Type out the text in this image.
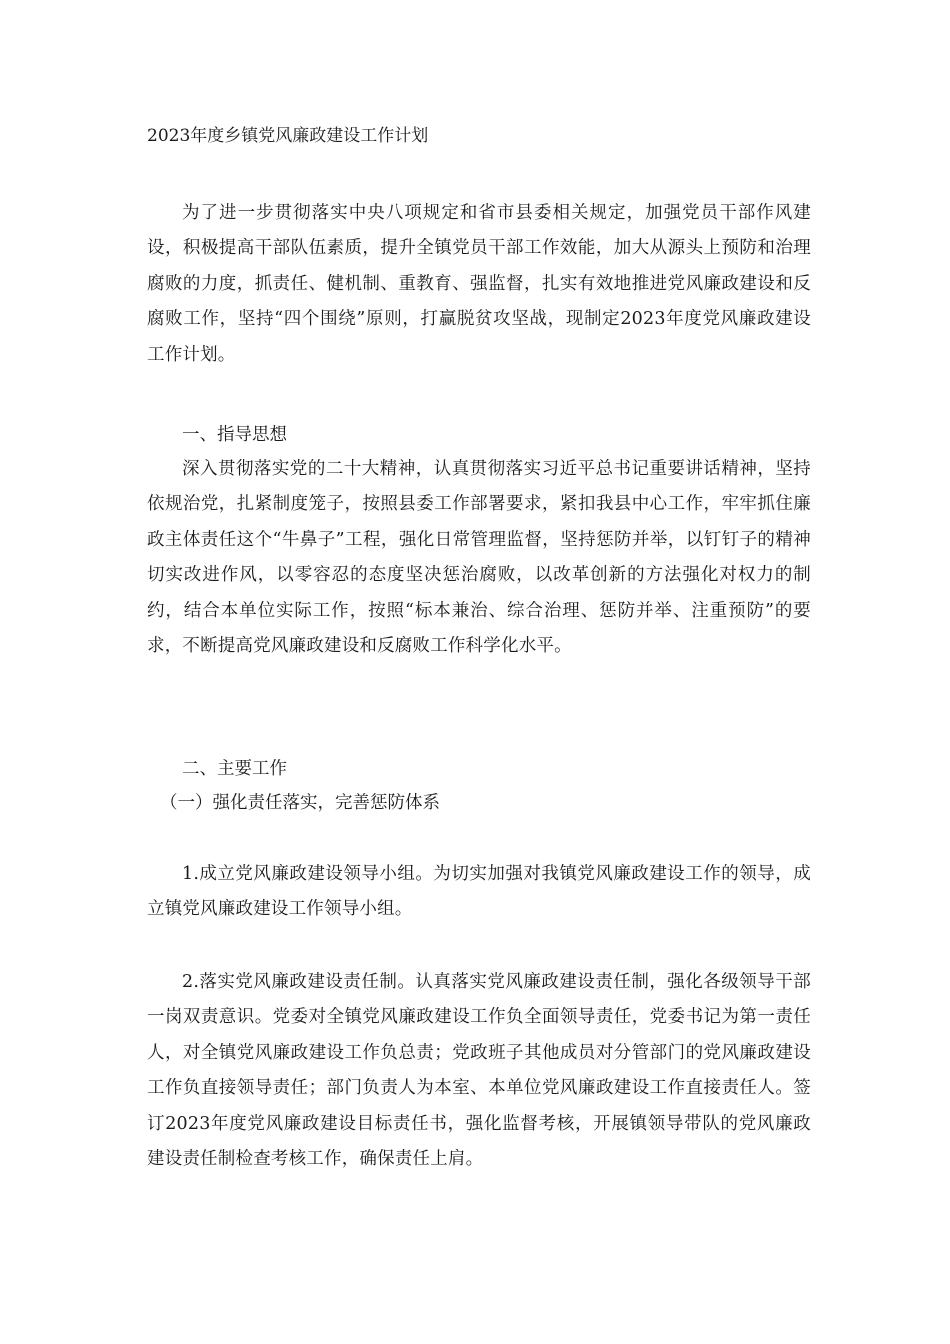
2023年度乡镇党风廉政建设工作计划
为了进一步贯彻落实中央八项规定和省市县委相关规定，加强党员干部作风建设，积极提高干部队伍素质，提升全镇党员干部工作效能，加大从源头上预防和治理腐败的力度，抓责任、健机制、重教育、强监督，扎实有效地推进党风廉政建设和反腐败工作，坚持“四个围绕”原则，打赢脱贫攻坚战，现制定2023年度党风廉政建设工作计划。
一、指导思想
深入贯彻落实党的二十大精神，认真贯彻落实习近平总书记重要讲话精神，坚持依规治党，扎紧制度笼子，按照县委工作部署要求，紧扣我县中心工作，牢牢抓住廉政主体责任这个“牛鼻子”工程，强化日常管理监督，坚持惩防并举，以钉钉子的精神切实改进作风，以零容忍的态度坚决惩治腐败，以改革创新的方法强化对权力的制约，结合本单位实际工作，按照“标本兼治、综合治理、惩防并举、注重预防”的要求，不断提高党风廉政建设和反腐败工作科学化水平。
二、主要工作
（一）强化责任落实，完善惩防体系
1.成立党风廉政建设领导小组。为切实加强对我镇党风廉政建设工作的领导，成立镇党风廉政建设工作领导小组。
2.落实党风廉政建设责任制。认真落实党风廉政建设责任制，强化各级领导干部一岗双责意识。党委对全镇党风廉政建设工作负全面领导责任，党委书记为第一责任人，对全镇党风廉政建设工作负总责；党政班子其他成员对分管部门的党风廉政建设工作负直接领导责任；部门负责人为本室、本单位党风廉政建设工作直接责任人。签订2023年度党风廉政建设目标责任书，强化监督考核，开展镇领导带队的党风廉政建设责任制检查考核工作，确保责任上肩。
